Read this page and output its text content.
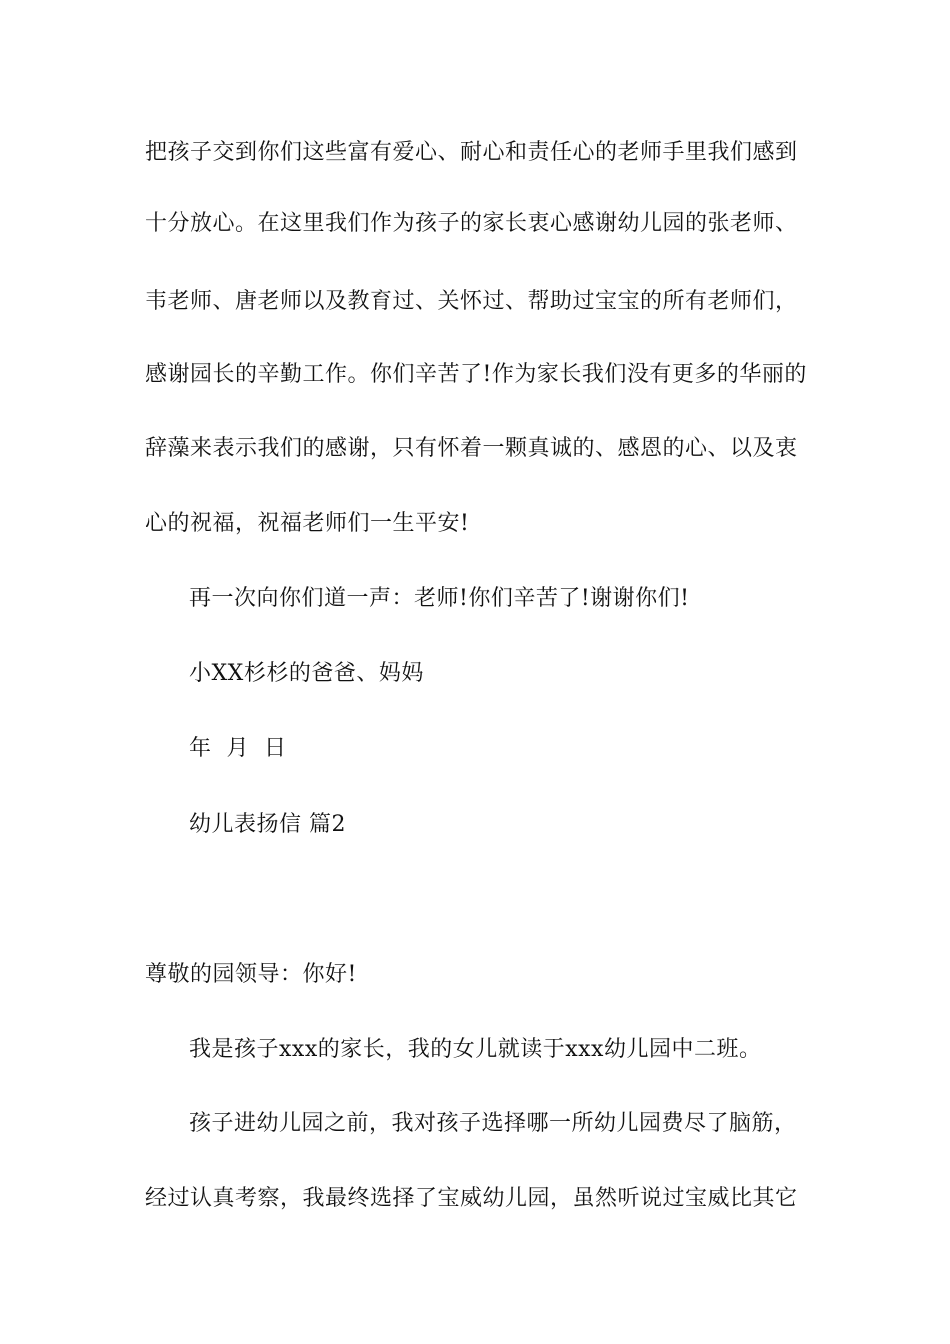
把孩子交到你们这些富有爱心、耐心和责任心的老师手里我们感到
十分放心。在这里我们作为孩子的家长衷心感谢幼儿园的张老师、
韦老师、唐老师以及教育过、关怀过、帮助过宝宝的所有老师们，
感谢园长的辛勤工作。你们辛苦了!作为家长我们没有更多的华丽的
辞藻来表示我们的感谢，只有怀着一颗真诚的、感恩的心、以及衷
心的祝福，祝福老师们一生平安!
再一次向你们道一声：老师!你们辛苦了!谢谢你们!
小XX杉杉的爸爸、妈妈
年  月  日
幼儿表扬信 篇2
尊敬的园领导：你好!
我是孩子xxx的家长，我的女儿就读于xxx幼儿园中二班。
孩子进幼儿园之前，我对孩子选择哪一所幼儿园费尽了脑筋，
经过认真考察，我最终选择了宝威幼儿园，虽然听说过宝威比其它
